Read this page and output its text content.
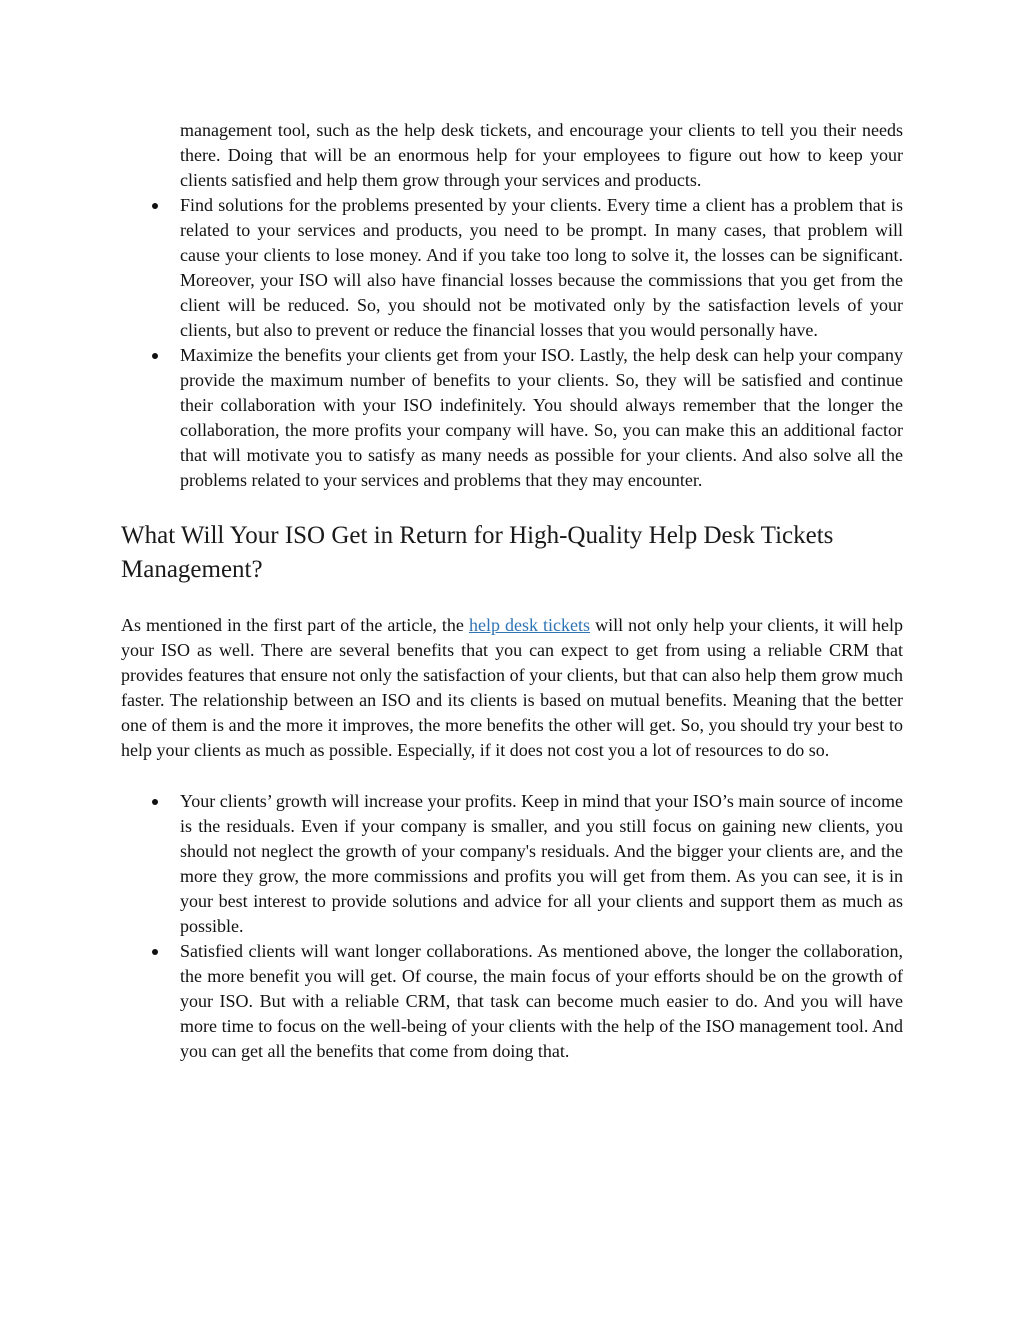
management tool, such as the help desk tickets, and encourage your clients to tell you their needs there. Doing that will be an enormous help for your employees to figure out how to keep your clients satisfied and help them grow through your services and products.
Find solutions for the problems presented by your clients. Every time a client has a problem that is related to your services and products, you need to be prompt. In many cases, that problem will cause your clients to lose money. And if you take too long to solve it, the losses can be significant. Moreover, your ISO will also have financial losses because the commissions that you get from the client will be reduced. So, you should not be motivated only by the satisfaction levels of your clients, but also to prevent or reduce the financial losses that you would personally have.
Maximize the benefits your clients get from your ISO. Lastly, the help desk can help your company provide the maximum number of benefits to your clients. So, they will be satisfied and continue their collaboration with your ISO indefinitely. You should always remember that the longer the collaboration, the more profits your company will have. So, you can make this an additional factor that will motivate you to satisfy as many needs as possible for your clients. And also solve all the problems related to your services and problems that they may encounter.
What Will Your ISO Get in Return for High-Quality Help Desk Tickets Management?

As mentioned in the first part of the article, the help desk tickets will not only help your clients, it will help your ISO as well. There are several benefits that you can expect to get from using a reliable CRM that provides features that ensure not only the satisfaction of your clients, but that can also help them grow much faster. The relationship between an ISO and its clients is based on mutual benefits. Meaning that the better one of them is and the more it improves, the more benefits the other will get. So, you should try your best to help your clients as much as possible. Especially, if it does not cost you a lot of resources to do so.

Your clients’ growth will increase your profits. Keep in mind that your ISO’s main source of income is the residuals. Even if your company is smaller, and you still focus on gaining new clients, you should not neglect the growth of your company's residuals. And the bigger your clients are, and the more they grow, the more commissions and profits you will get from them. As you can see, it is in your best interest to provide solutions and advice for all your clients and support them as much as possible.
Satisfied clients will want longer collaborations. As mentioned above, the longer the collaboration, the more benefit you will get. Of course, the main focus of your efforts should be on the growth of your ISO. But with a reliable CRM, that task can become much easier to do. And you will have more time to focus on the well-being of your clients with the help of the ISO management tool. And you can get all the benefits that come from doing that.
